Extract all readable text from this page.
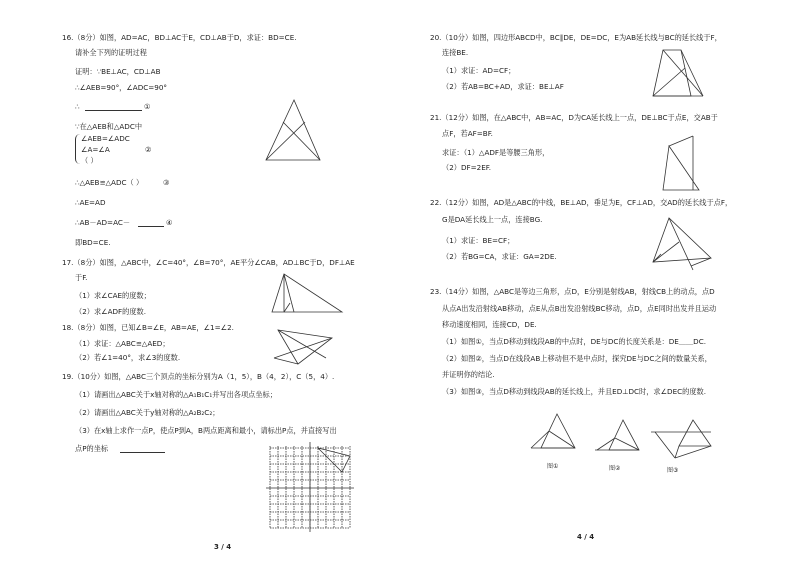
16.（8分）如图，AD=AC，BD⊥AC于E，CD⊥AB于D，求证：BD=CE.
请补全下列的证明过程
证明：∵BE⊥AC，CD⊥AB
∴∠AEB=90°，∠ADC=90°
∴	①
∵在△AEB和△ADC中
∠AEB=∠ADC
∠A=∠A	②
（ ）
∴△AEB≌△ADC（ ）	③
∴AE=AD
∴AB－AD=AC－	④
即BD=CE.
17.（8分）如图，△ABC中，∠C=40°，∠B=70°，AE平分∠CAB，AD⊥BC于D，DF⊥AE
于F.
（1）求∠CAE的度数；
（2）求∠ADF的度数.
18.（8分）如图，已知∠B=∠E，AB=AE，∠1=∠2.
（1）求证：△ABC≌△AED；
（2）若∠1=40°，求∠3的度数.
19.（10分）如图，△ABC三个顶点的坐标分别为A（1，5），B（4，2），C（5，4）.
（1）请画出△ABC关于x轴对称的△A₁B₁C₁并写出各项点坐标；
（2）请画出△ABC关于y轴对称的△A₂B₂C₂；
（3）在x轴上求作一点P，使点P到A，B两点距离和最小，请标出P点，并直接写出
点P的坐标
3 / 4
20.（10分）如图，四边形ABCD中，BC∥DE，DE=DC，E为AB延长线与BC的延长线于F，
连接BE.
（1）求证：AD=CF；
（2）若AB=BC+AD，求证：BE⊥AF
21.（12分）如图，在△ABC中，AB=AC，D为CA延长线上一点，DE⊥BC于点E，交AB于
点F，若AF=BF.
求证：（1）△ADF是等腰三角形，
（2）DF=2EF.
22.（12分）如图，AD是△ABC的中线，BE⊥AD，垂足为E，CF⊥AD，交AD的延长线于点F，
G是DA延长线上一点，连接BG.
（1）求证：BE=CF；
（2）若BG=CA，求证：GA=2DE.
23.（14分）如图，△ABC是等边三角形，点D，E分别是射线AB，射线CB上的动点，点D
从点A出发沿射线AB移动，点E从点B出发沿射线BC移动，点D，点E同时出发并且运动
移动速度相同，连接CD，DE.
（1）如图①，当点D移动到线段AB的中点时，DE与DC的长度关系是：DE＿＿DC.
（2）如图②，当点D在线段AB上移动但不是中点时，探究DE与DC之间的数量关系，
并证明你的结论.
（3）如图③，当点D移动到线段AB的延长线上，并且ED⊥DC时，求∠DEC的度数.
图①	图②	图③
4 / 4
